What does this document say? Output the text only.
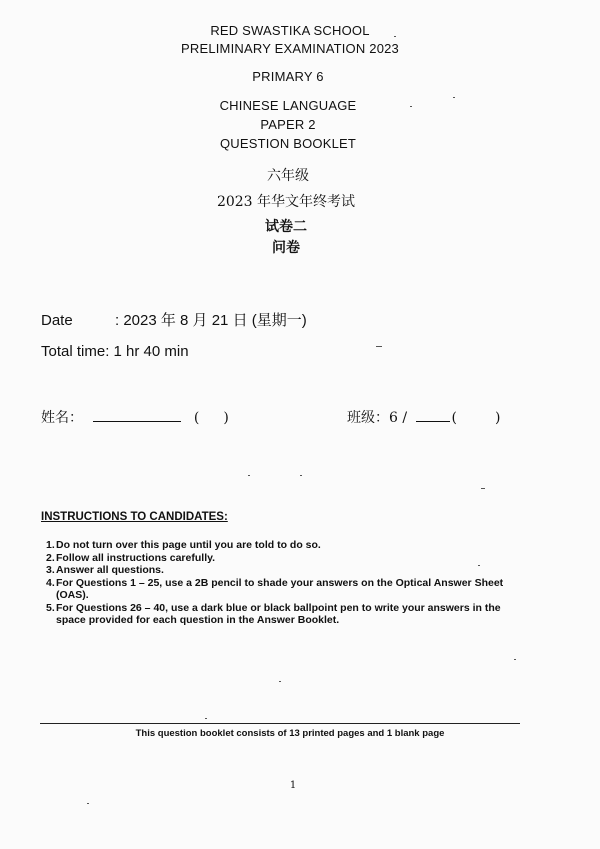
RED SWASTIKA SCHOOL
PRELIMINARY EXAMINATION 2023
PRIMARY 6
CHINESE LANGUAGE
PAPER 2
QUESTION BOOKLET
六年级
2023 年华文年终考试
试卷二
问卷
Date	: 2023 年 8 月 21 日 (星期一)
Total time: 1 hr 40 min
姓名：	( )	班级：6 /	(	)
INSTRUCTIONS TO CANDIDATES:
1. Do not turn over this page until you are told to do so.
2. Follow all instructions carefully.
3. Answer all questions.
4. For Questions 1 – 25, use a 2B pencil to shade your answers on the Optical Answer Sheet (OAS).
5. For Questions 26 – 40, use a dark blue or black ballpoint pen to write your answers in the space provided for each question in the Answer Booklet.
This question booklet consists of 13 printed pages and 1 blank page
1
